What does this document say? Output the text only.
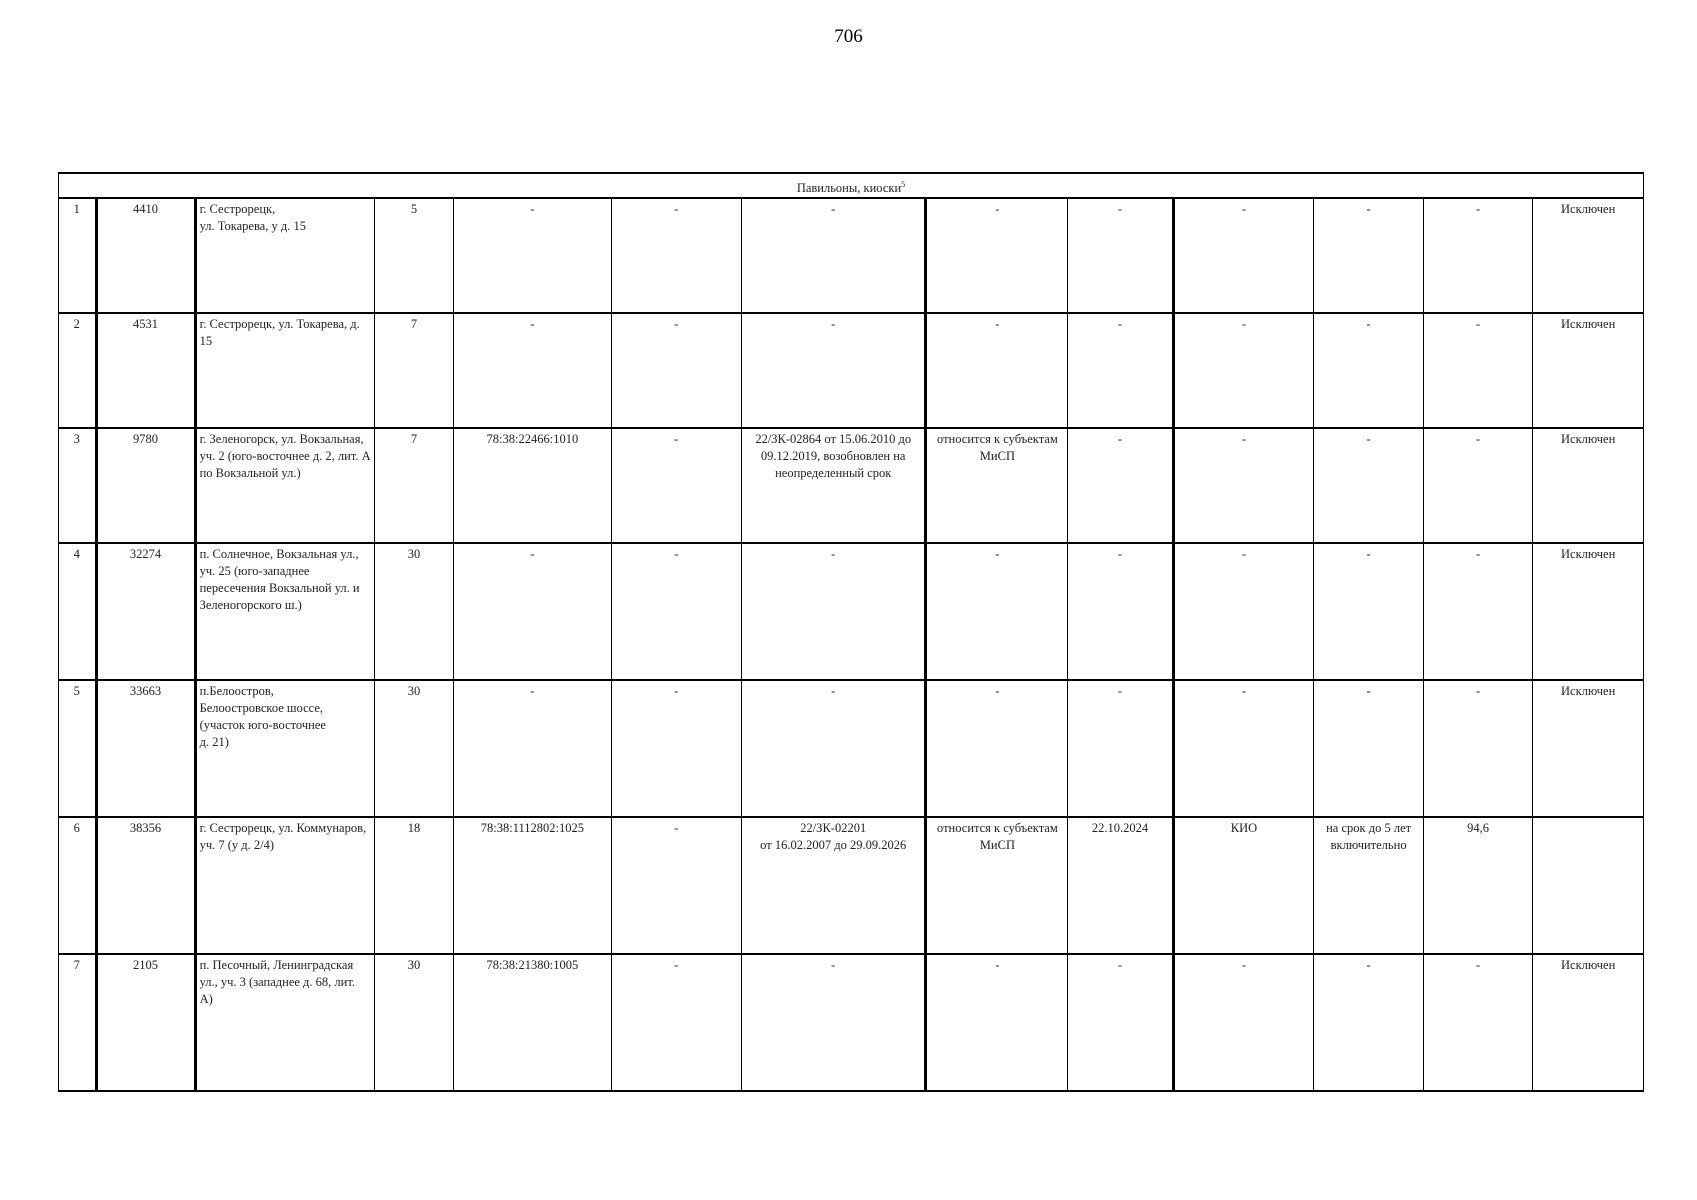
706
Павильоны, киоски$^5$
1	4410	г. Сестрорецк,
ул. Токарева, у д. 15	5	-	-	-	-	-	-	-	-	Исключен
2	4531	г. Сестрорецк, ул. Токарева, д. 15	7	-	-	-	-	-	-	-	-	Исключен
3	9780	г. Зеленогорск, ул. Вокзальная, уч. 2 (юго-восточнее д. 2, лит. А по Вокзальной ул.)	7	78:38:22466:1010	-	22/ЗК-02864 от 15.06.2010 до 09.12.2019, возобновлен на неопределенный срок	относится к субъектам МиСП	-	-	-	-	Исключен
4	32274	п. Солнечное, Вокзальная ул., уч. 25 (юго-западнее пересечения Вокзальной ул. и Зеленогорского ш.)	30	-	-	-	-	-	-	-	-	Исключен
5	33663	п.Белоостров,
Белоостровское шоссе,
(участок юго-восточнее
д. 21)	30	-	-	-	-	-	-	-	-	Исключен
6	38356	г. Сестрорецк, ул. Коммунаров, уч. 7 (у д. 2/4)	18	78:38:1112802:1025	-	22/ЗК-02201
от 16.02.2007 до 29.09.2026	относится к субъектам МиСП	22.10.2024	КИО	на срок до 5 лет включительно	94,6	
7	2105	п. Песочный, Ленинградская ул., уч. 3 (западнее д. 68, лит. А)	30	78:38:21380:1005	-	-	-	-	-	-	-	Исключен
